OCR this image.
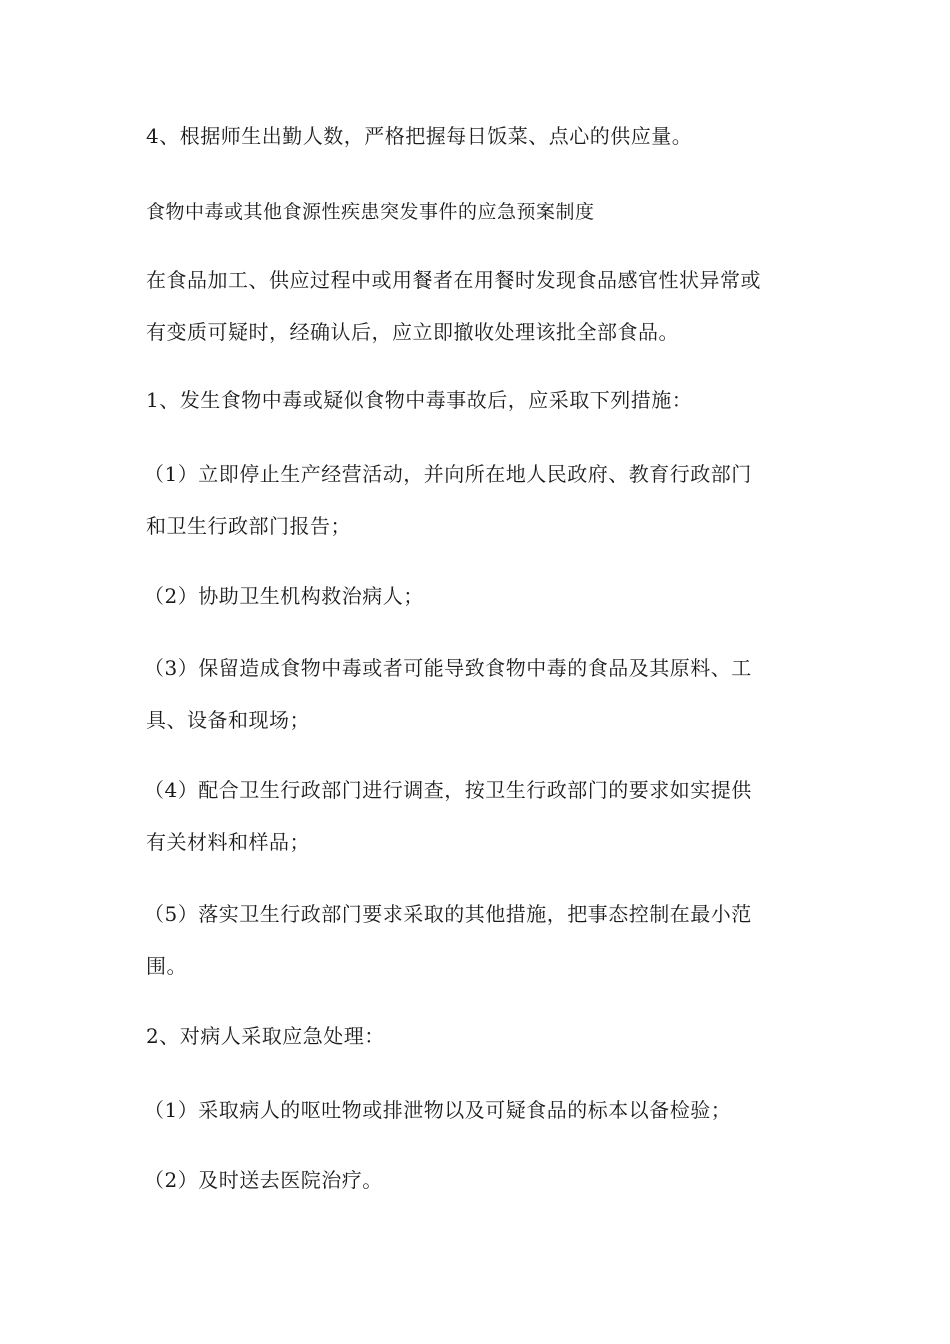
4、根据师生出勤人数，严格把握每日饭菜、点心的供应量。
食物中毒或其他食源性疾患突发事件的应急预案制度
在食品加工、供应过程中或用餐者在用餐时发现食品感官性状异常或
有变质可疑时，经确认后，应立即撤收处理该批全部食品。
1、发生食物中毒或疑似食物中毒事故后，应采取下列措施：
（1）立即停止生产经营活动，并向所在地人民政府、教育行政部门
和卫生行政部门报告；
（2）协助卫生机构救治病人；
（3）保留造成食物中毒或者可能导致食物中毒的食品及其原料、工
具、设备和现场；
（4）配合卫生行政部门进行调查，按卫生行政部门的要求如实提供
有关材料和样品；
（5）落实卫生行政部门要求采取的其他措施，把事态控制在最小范
围。
2、对病人采取应急处理：
（1）采取病人的呕吐物或排泄物以及可疑食品的标本以备检验；
（2）及时送去医院治疗。
